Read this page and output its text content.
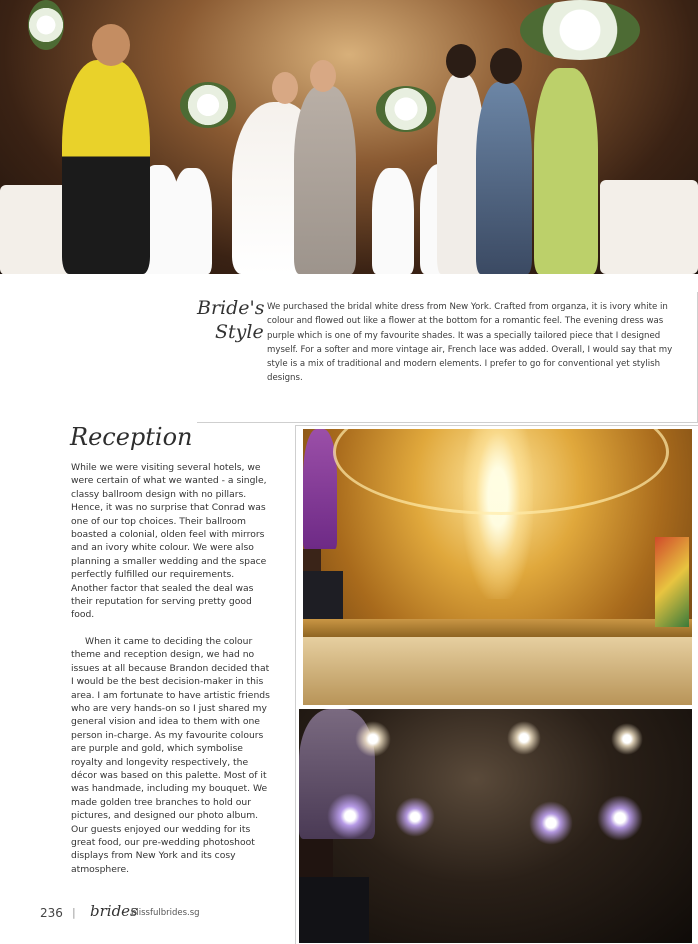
Bride's
Style

We purchased the bridal white dress from New York. Crafted from organza, it is ivory white in colour and flowed out like a flower at the bottom for a romantic feel. The evening dress was purple which is one of my favourite shades. It was a specially tailored piece that I designed myself. For a softer and more vintage air, French lace was added. Overall, I would say that my style is a mix of traditional and modern elements. I prefer to go for conventional yet stylish designs.

Reception

While we were visiting several hotels, we were certain of what we wanted - a single, classy ballroom design with no pillars. Hence, it was no surprise that Conrad was one of our top choices. Their ballroom boasted a colonial, olden feel with mirrors and an ivory white colour. We were also planning a smaller wedding and the space perfectly fulfilled our requirements. Another factor that sealed the deal was their reputation for serving pretty good food.

When it came to deciding the colour theme and reception design, we had no issues at all because Brandon decided that I would be the best decision-maker in this area. I am fortunate to have artistic friends who are very hands-on so I just shared my general vision and idea to them with one person in-charge. As my favourite colours are purple and gold, which symbolise royalty and longevity respectively, the décor was based on this palette. Most of it was handmade, including my bouquet. We made golden tree branches to hold our pictures, and designed our photo album. Our guests enjoyed our wedding for its great food, our pre-wedding photoshoot displays from New York and its cosy atmosphere.

236 | brides
blissfulbrides.sg
